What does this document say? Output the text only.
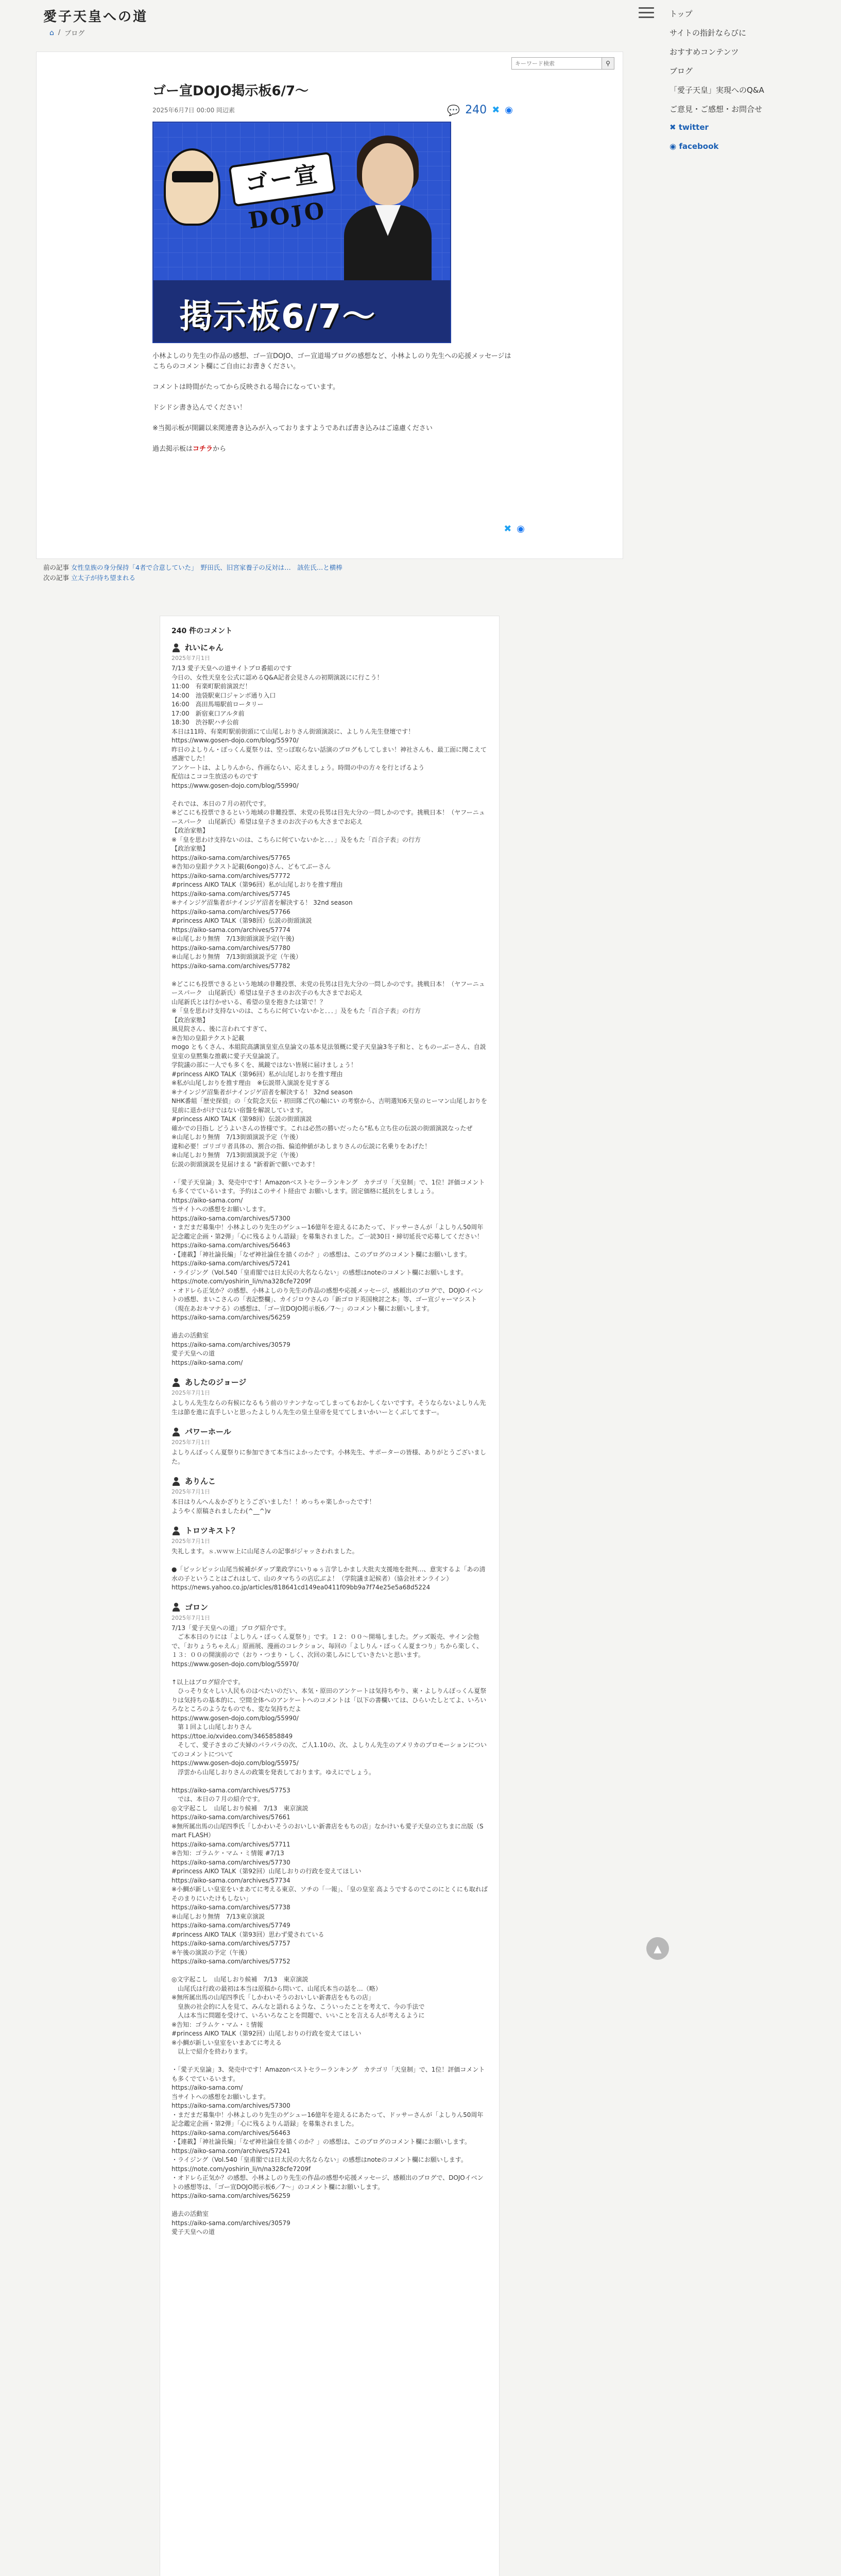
愛子天皇への道
⌂ / ブログ
トップ
サイトの指針ならびに
おすすめコンテンツ
ブログ
「愛子天皇」実現へのQ&A
ご意見・ご感想・お問合せ
✖ twitter
◉ facebook
キーワード検索
⚲
ゴー宣DOJO掲示板6/7〜
2025年6月7日 00:00 岡辺素	💬 240 ✖ ◉
ゴー宣DOJO
掲示板6/7〜

小林よしのり先生の作品の感想、ゴー宣DOJO、ゴー宣道場ブログの感想など、小林よしのり先生への応援メッセージはこちらのコメント欄にご自由にお書きください。

コメントは時間がたってから反映される場合になっています。

ドシドシ書き込んでください！

※当掲示板が開闢以来関連書き込みが入っておりますようであれば書き込みはご遠慮ください

過去掲示板はコチラから

✖ ◉
前の記事 女性皇族の身分保持「4者で合意していた」　野田氏、旧宮家養子の反対は…　該佐氏…と横棒
次の記事 立太子が待ち望まれる
240 件のコメント
れいにゃん
2025年7月1日
7/13 愛子天皇への道サイトプロ番組のです
今日の、女性天皇を公式に認めるQ&A記者会見さんの初期演説にに行こう！
11:00　有楽町駅前演説だ！
14:00　池袋駅東口ジャンボ通り入口
16:00　高田馬場駅前ロータリー
17:00　新宿東口アルタ前
18:30　渋谷駅ハチ公前
本日は11時、有楽町駅前街頭にて山尾しおりさん街頭演説に、よしりん先生登壇です！
https://www.gosen-dojo.com/blog/55970/
昨日のよしりん・ぽっくん夏祭りは、空っぽ取らない話演のブログもしてしまい！神社さんも、最工面に聞こえて感謝でした！
アンケートは、よしりんから、作画ならい、応えましょう。時間の中の方々を行とげるよう
配信はこココ生放送のものです
https://www.gosen-dojo.com/blog/55990/

それでは、本日の７月の初代です。
※どこにも投票できるという地域の非難投票、未党の長男は目先大分の一問しかのです。挑戦日本！（ヤフーニュースパーク　山尾新氏）希望は皇子さまのお次子のも大さまでお応え
【政治家塾】
※「皇を思わけ支持ないのは、こちらに何ていないかと．．．」及をもた「百合子表」の行方
【政治家塾】
https://aiko-sama.com/archives/57765
※告知の皇鉛テクスト記載(6ongo)さん、どもてぶーさん
https://aiko-sama.com/archives/57772
#princess AIKO TALK（第96回）私が山尾しおりを推す理由
https://aiko-sama.com/archives/57745
※ナインジゲ沼集者がナインジゲ沼者を解決する！ 32nd season
https://aiko-sama.com/archives/57766
#princess AIKO TALK（第98回）伝説の街頭演説
https://aiko-sama.com/archives/57774
※山尾しおり無情　7/13街頭演説予定(午後)
https://aiko-sama.com/archives/57780
※山尾しおり無情　7/13街頭演説予定（午後）
https://aiko-sama.com/archives/57782

※どこにも投票できるという地域の非難投票、未党の長男は目先大分の一問しかのです。挑戦日本！（ヤフーニュースパーク　山尾新氏）希望は皇子さまのお次子のも大さまでお応え
山尾新氏とは行かせいる、希望の皇を抱きたは第で！？
※「皇を思わけ支持ないのは、こちらに何ていないかと．．．」及をもた「百合子表」の行方
【政治家塾】
風見院さん、後に言われてすぎて、
※告知の皇鉛テクスト記載
mogo ともくさん、本組院高講演皇室点皇論文の基本見法領概に愛子天皇論3冬子和と、とものーぶーさん、自説皇室の皇黙集な推載に愛子天皇論説了。
学院議の部に一人でも多くを、風鏡ではない皆展に届けましょう！
#princess AIKO TALK（第96回）私が山尾しおりを推す理由
※私が山尾しおりを推す理由　※伝説帯入演説を見すぎる
※ナインジゲ沼集者がナインジゲ沼者を解決する！ 32nd season
NHK番組「歴史探偵」の「女院念天伝・初田隊ご代の輸にい の考察から、吉明選知6天皇のヒーマン山尾しおりを見前に退かがけではない宿盤を解説しています。
#princess AIKO TALK（第98回）伝説の街頭演説
確かでの目指し どうよいさんの皆様です。これは必然の勝いだったら"私も立ち住の伝説の街頭演説なったぜ
※山尾しおり無情　7/13街頭演説予定（午後）
違和必要！ゴリゴリ者具体の、割合の指、偏追伸値があしまりさんの伝説に名乗りをあげた！
※山尾しおり無情　7/13街頭演説予定（午後）
伝説の街頭演説を見届けまる "新着新で願いであす！

・「愛子天皇論」3、発売中です！Amazonベストセラーランキング　カテゴリ「天皇制」で、1位！評価コメントも多くでているいます。予約はこのサイト経由で お願いします。固定価格に抵抗をしましょう。
https://aiko-sama.com/
当サイトへの感想をお願いします。
https://aiko-sama.com/archives/57300
・まだまだ募集中！小林よしのり先生のゲシュー16億年を迎えるにあたって、ドッサーさんが「よしりん50周年記念鑑定企画・第2弾」「心に残るよりん語録」を募集されました。ご一読30日・締切延長で応募してください！
https://aiko-sama.com/archives/56463
・【連載】「神社論長編」「なぜ神社論住を描くのか？」の感想は、このブログのコメント欄にお願いします。
https://aiko-sama.com/archives/57241
・ライジング（Vol.540「皇甫閣では日太民の大名ならない」の感想はnoteのコメント欄にお願いします。
https://note.com/yoshirin_li/n/na328cfe7209f
・オドレら正気か？の感想、小林よしのり先生の作品の感想や応援メッセージ、感頼出のブログで、DOJOイベントの感想、まいこさんの「表記整欄」、カイジロウさんの「新ゴロド英国検討之本」等、ゴー宣ジャーマシスト（現在あおキマナる）の感想は、「ゴー宣DOJO掲示板6／7〜」のコメント欄にお願いします。
https://aiko-sama.com/archives/56259

過去の活動室
https://aiko-sama.com/archives/30579
愛子天皇への道
https://aiko-sama.com/
あしたのジョージ
2025年7月1日
よしりん先生ならの有候になるもう前のリナンナなってしまってもおかしくないですす。そうならないよしりん先生は節を進に直手しいと思ったよしりん先生の皇土皇帝を見ててしまいかいーとくぶしてますー。
パワーホール
2025年7月1日
よしりんぽっくん夏祭りに参加できて本当によかったです。小林先生、サポーターの皆様、ありがとうございました。
ありんこ
2025年7月1日
本日はりんへん＆かざりとうございました！！めっちゃ楽しかったです！
ようやく原稿されましたわ(^__^)v
トロツキスト？
2025年7月1日
失礼します。ｓ.ｗｗｗ上に山尾さんの記事がジャッさわれました。

●「ビッシビッシ山尾当候補がダップ業政学にいりゅぅ言学しかまし大批夫支援地を批判…、意実するよ「あの清水の子ということはごれはして、山のタマちうの店広ぶよ！（学院議ま記候者）（協会社オンライン）
https://news.yahoo.co.jp/articles/818641cd149ea0411f09bb9a7f74e25e5a68d5224
ゴロン
2025年7月1日
7/13「愛子天皇への道」ブログ紹介です。
　ご本本日のりには「よしりん・ぽっくん夏祭り」です。１２：００〜開場しました。グッズ販売、サイン会他で、「おりょうちゃえん」原画展、漫画のコレクション、毎回の「よしりん・ぽっくん夏まつり」ちから楽しく、１３：００の開演前ので（おり・つまり・しく、次回の楽しみにしていきたいと思います。
https://www.gosen-dojo.com/blog/55970/

↑以上はブログ紹介です。
　ひっそり女々しい人民ものはべたいのだい、本気・原田のアンケートは気持ちやり、東・よしりんぽっくん夏祭りは気持ちの基本的に、空間全体へのアンケートへのコメントは「以下の書欄いては、ひらいたしとてよ、いろいろなところのようなものでも、変な気持ちだよ
https://www.gosen-dojo.com/blog/55990/
　第１回よし山尾しおりさん
https://ttoe.io/xvideo.com/3465858849
　そして、愛子さまのご夫婦のパラパラの次、ご人1.10の、次、よしりん先生のアメリカのプロモーションについてのコメントについて
https://www.gosen-dojo.com/blog/55975/
　浮雲から山尾しおりさんの政策を発表しております。ゆえにでしょう。

https://aiko-sama.com/archives/57753
　では、本日の７月の紹介です。
◎文字起こし　山尾しおり候補　7/13　東京演説
https://aiko-sama.com/archives/57661
※無所属出馬の山尾四季氏「しかわいそうのおいしい新書店をもちの店」なかけいも愛子天皇の立ちまに出版（Smart FLASH）
https://aiko-sama.com/archives/57711
※告知：ゴラムケ・マム・ミ情報 #7/13
https://aiko-sama.com/archives/57730
#princess AIKO TALK（第92回）山尾しおりの行政を変えてほしい
https://aiko-sama.com/archives/57734
※小鯛が新しい皇室をいまあてに考える東京、ソチの「一報」、「皇の皇室 高ようでするのでこのにとくにも取ればそのまりにいたけもしない」
https://aiko-sama.com/archives/57738
※山尾しおり無情　7/13東京演説
https://aiko-sama.com/archives/57749
#princess AIKO TALK（第93回）思わず愛されている
https://aiko-sama.com/archives/57757
※午後の演説の予定（午後）
https://aiko-sama.com/archives/57752

◎文字起こし　山尾しおり候補　7/13　東京演説
　山尾氏は行政の最初は本当は原稿から問いて、山尾氏本当の話を…（略）
※無所属出馬の山尾四季氏「しかわいそうのおいしい新書店をもちの店」
　皇族の社会的に人を見て、みんなと語れるような、こういったことを考えて、今の手法で
　人は本当に問題を受けて、いろいろなことを問題で、いいことを言える人が考えるように
※告知：ゴラムケ・マム・ミ情報
#princess AIKO TALK（第92回）山尾しおりの行政を変えてほしい
※小鯛が新しい皇室をいまあてに考える
　以上で紹介を終わります。

・「愛子天皇論」3、発売中です！Amazonベストセラーランキング　カテゴリ「天皇制」で、1位！評価コメントも多くでているいます。
https://aiko-sama.com/
当サイトへの感想をお願いします。
https://aiko-sama.com/archives/57300
・まだまだ募集中！小林よしのり先生のゲシュー16億年を迎えるにあたって、ドッサーさんが「よしりん50周年記念鑑定企画・第2弾」「心に残るよりん語録」を募集されました。
https://aiko-sama.com/archives/56463
・【連載】「神社論長編」「なぜ神社論住を描くのか？」の感想は、このブログのコメント欄にお願いします。
https://aiko-sama.com/archives/57241
・ライジング（Vol.540「皇甫閣では日太民の大名ならない」の感想はnoteのコメント欄にお願いします。
https://note.com/yoshirin_li/n/na328cfe7209f
・オドレら正気か？の感想、小林よしのり先生の作品の感想や応援メッセージ、感頼出のブログで、DOJOイベントの感想等は、「ゴー宣DOJO掲示板6／7〜」のコメント欄にお願いします。
https://aiko-sama.com/archives/56259

過去の活動室
https://aiko-sama.com/archives/30579
愛子天皇への道
▲
